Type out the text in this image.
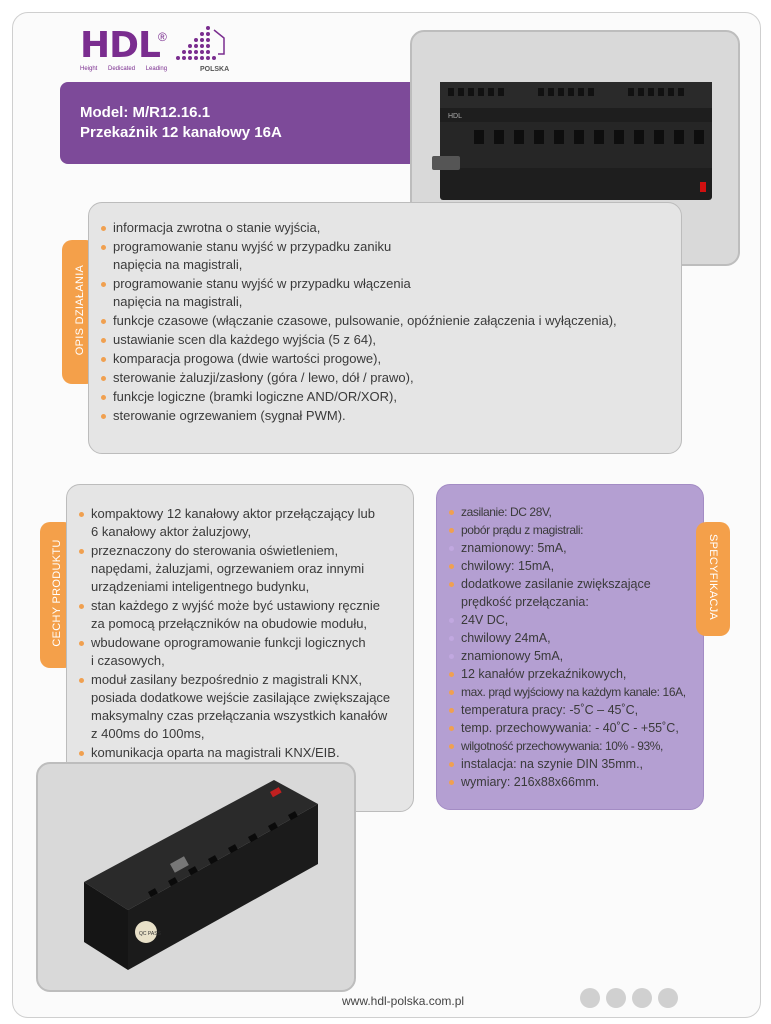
HDL
®
Height Dedicated Leading	POLSKA
Model: M/R12.16.1
Przekaźnik 12 kanałowy 16A
HDL
OPIS DZIAŁANIA
informacja zwrotna o stanie wyjścia,
programowanie stanu wyjść w przypadku zaniku
napięcia na magistrali,
programowanie stanu wyjść w przypadku włączenia
napięcia na magistrali,
funkcje czasowe (włączanie czasowe, pulsowanie, opóźnienie załączenia i wyłączenia),
ustawianie scen dla każdego wyjścia (5 z 64),
komparacja progowa (dwie wartości progowe),
sterowanie żaluzji/zasłony (góra / lewo, dół / prawo),
funkcje logiczne (bramki logiczne AND/OR/XOR),
sterowanie ogrzewaniem (sygnał PWM).
CECHY PRODUKTU
kompaktowy 12 kanałowy aktor przełączający lub
6 kanałowy aktor żaluzjowy,
przeznaczony do sterowania oświetleniem,
napędami, żaluzjami, ogrzewaniem oraz innymi
urządzeniami inteligentnego budynku,
stan każdego z wyjść może być ustawiony ręcznie
za pomocą przełączników na obudowie modułu,
wbudowane oprogramowanie funkcji logicznych
i czasowych,
moduł zasilany bezpośrednio z magistrali KNX,
posiada dodatkowe wejście zasilające zwiększające
maksymalny czas przełączania wszystkich kanałów
z 400ms do 100ms,
komunikacja oparta na magistrali KNX/EIB.
zasilanie: DC 28V,
pobór prądu z magistrali:
znamionowy: 5mA,
chwilowy: 15mA,
dodatkowe zasilanie zwiększające
prędkość przełączania:
24V DC,
chwilowy 24mA,
znamionowy 5mA,
12 kanałów przekaźnikowych,
max. prąd wyjściowy na każdym kanale: 16A,
temperatura pracy: -5˚C – 45˚C,
temp. przechowywania: - 40˚C - +55˚C,
wilgotność przechowywania: 10% - 93%,
instalacja: na szynie DIN 35mm.,
wymiary: 216x88x66mm.
SPECYFIKACJA
QC PASS
www.hdl-polska.com.pl
